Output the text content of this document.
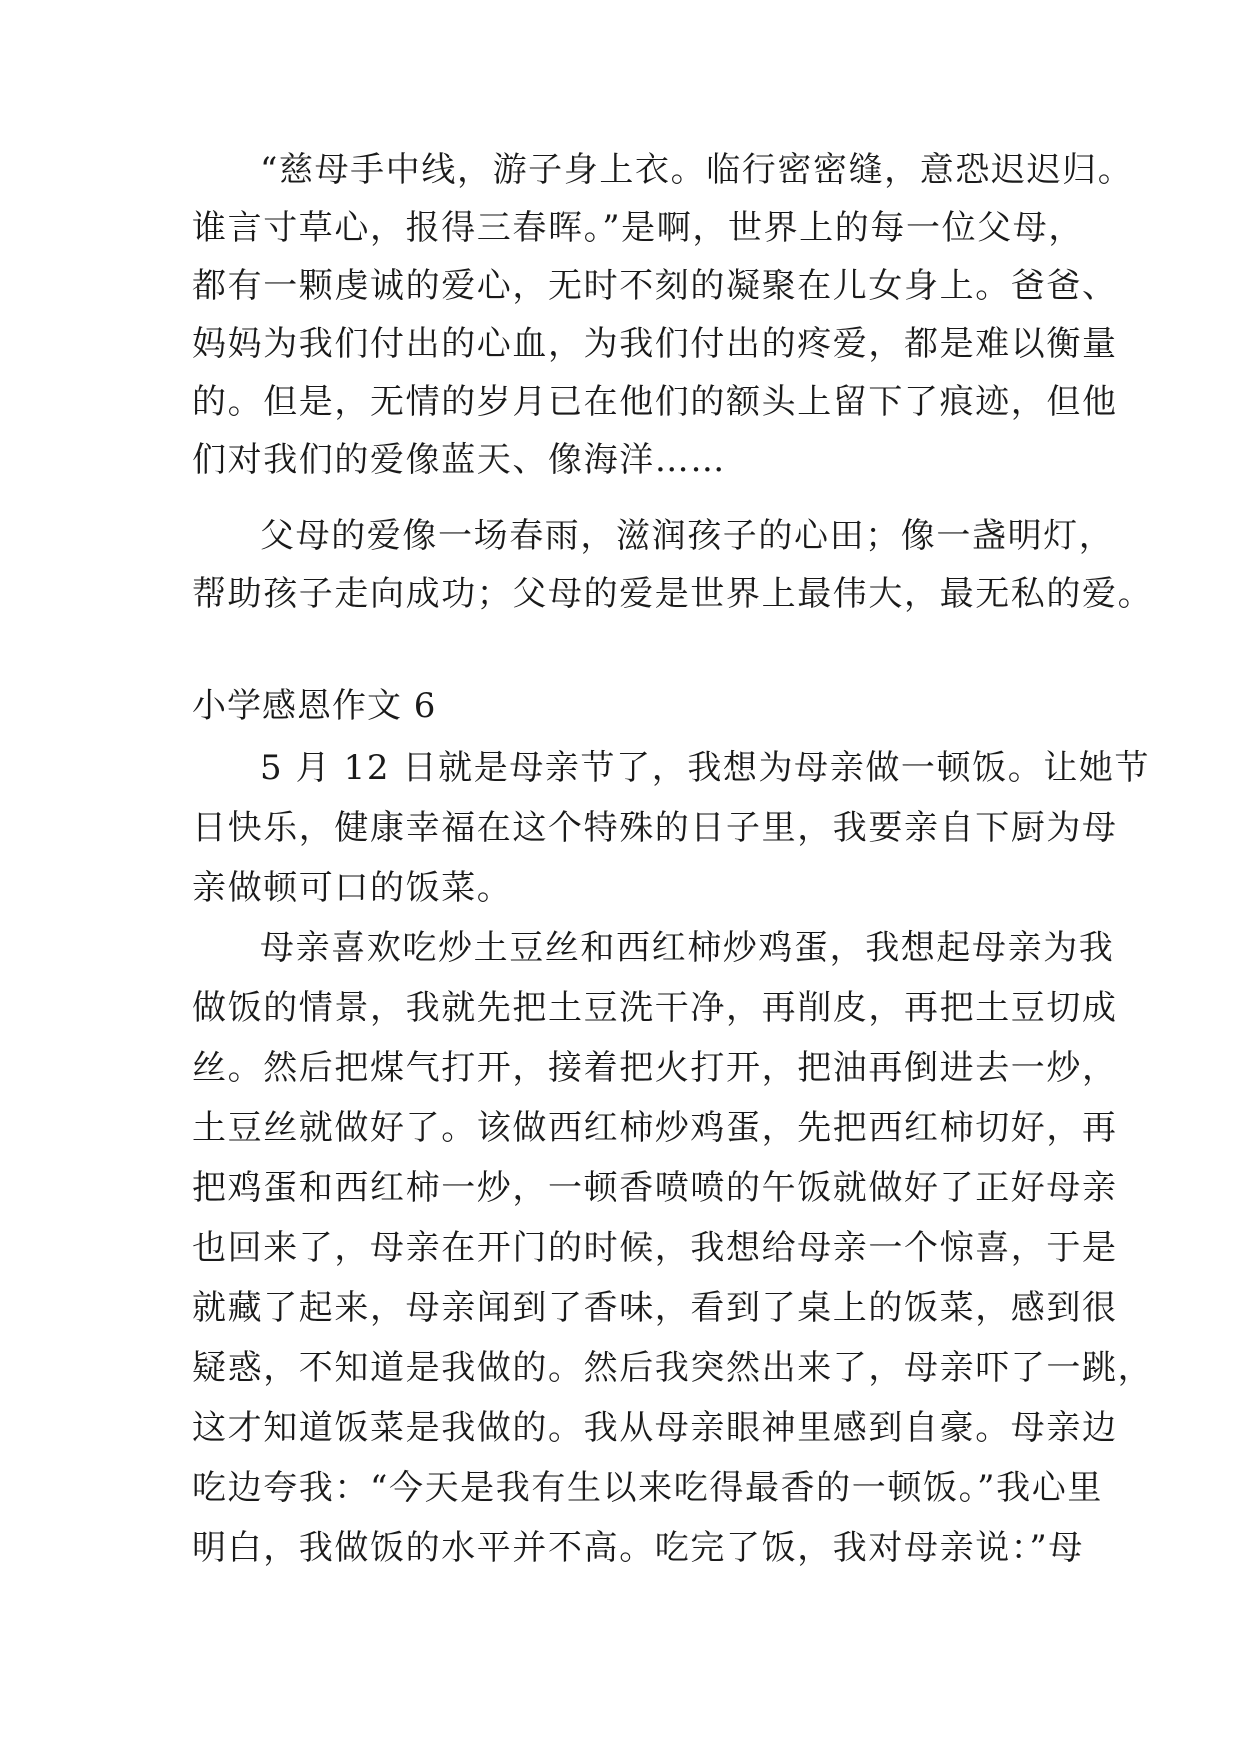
“慈母手中线，游子身上衣。临行密密缝，意恐迟迟归。
谁言寸草心，报得三春晖。”是啊，世界上的每一位父母，
都有一颗虔诚的爱心，无时不刻的凝聚在儿女身上。爸爸、
妈妈为我们付出的心血，为我们付出的疼爱，都是难以衡量
的。但是，无情的岁月已在他们的额头上留下了痕迹，但他
们对我们的爱像蓝天、像海洋……
父母的爱像一场春雨，滋润孩子的心田；像一盏明灯，
帮助孩子走向成功；父母的爱是世界上最伟大，最无私的爱。
小学感恩作文 6
5 月 12 日就是母亲节了，我想为母亲做一顿饭。让她节
日快乐，健康幸福在这个特殊的日子里，我要亲自下厨为母
亲做顿可口的饭菜。
母亲喜欢吃炒土豆丝和西红柿炒鸡蛋，我想起母亲为我
做饭的情景，我就先把土豆洗干净，再削皮，再把土豆切成
丝。然后把煤气打开，接着把火打开，把油再倒进去一炒，
土豆丝就做好了。该做西红柿炒鸡蛋，先把西红柿切好，再
把鸡蛋和西红柿一炒，一顿香喷喷的午饭就做好了正好母亲
也回来了，母亲在开门的时候，我想给母亲一个惊喜，于是
就藏了起来，母亲闻到了香味，看到了桌上的饭菜，感到很
疑惑，不知道是我做的。然后我突然出来了，母亲吓了一跳，
这才知道饭菜是我做的。我从母亲眼神里感到自豪。母亲边
吃边夸我：“今天是我有生以来吃得最香的一顿饭。”我心里
明白，我做饭的水平并不高。吃完了饭，我对母亲说：”母
